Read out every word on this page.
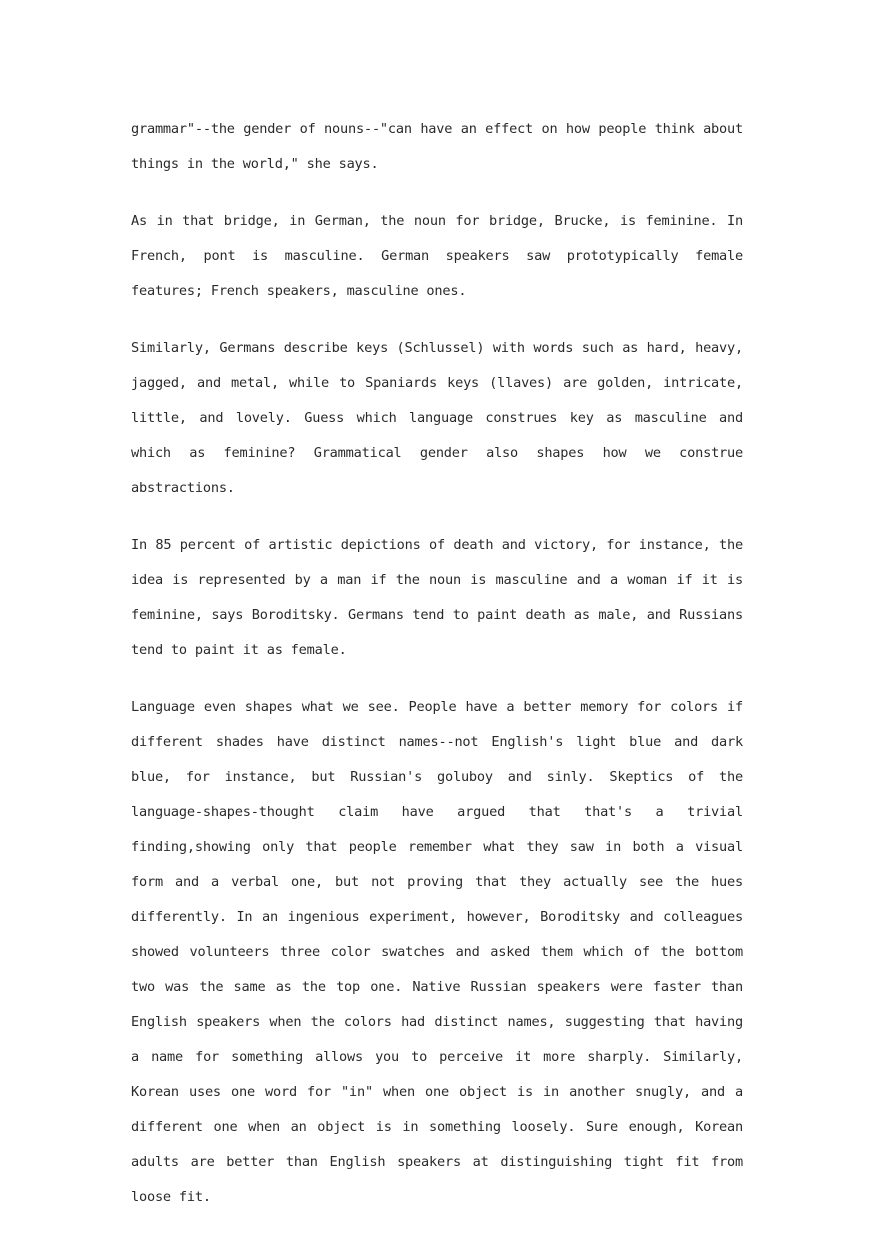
grammar"--the gender of nouns--"can have an effect on how people think about things in the world," she says.

As in that bridge, in German, the noun for bridge, Brucke, is feminine. In French, pont is masculine. German speakers saw prototypically female features; French speakers, masculine ones.

Similarly, Germans describe keys (Schlussel) with words such as hard, heavy, jagged, and metal, while to Spaniards keys (llaves) are golden, intricate, little, and lovely. Guess which language construes key as masculine and which as feminine? Grammatical gender also shapes how we construe abstractions.

In 85 percent of artistic depictions of death and victory, for instance, the idea is represented by a man if the noun is masculine and a woman if it is feminine, says Boroditsky. Germans tend to paint death as male, and Russians tend to paint it as female.

Language even shapes what we see. People have a better memory for colors if different shades have distinct names--not English's light blue and dark blue, for instance, but Russian's goluboy and sinly. Skeptics of the language-shapes-thought claim have argued that that's a trivial finding,showing only that people remember what they saw in both a visual form and a verbal one, but not proving that they actually see the hues differently. In an ingenious experiment, however, Boroditsky and colleagues showed volunteers three color swatches and asked them which of the bottom two was the same as the top one. Native Russian speakers were faster than English speakers when the colors had distinct names, suggesting that having a name for something allows you to perceive it more sharply. Similarly, Korean uses one word for "in" when one object is in another snugly, and a different one when an object is in something loosely. Sure enough, Korean adults are better than English speakers at distinguishing tight fit from loose fit.
